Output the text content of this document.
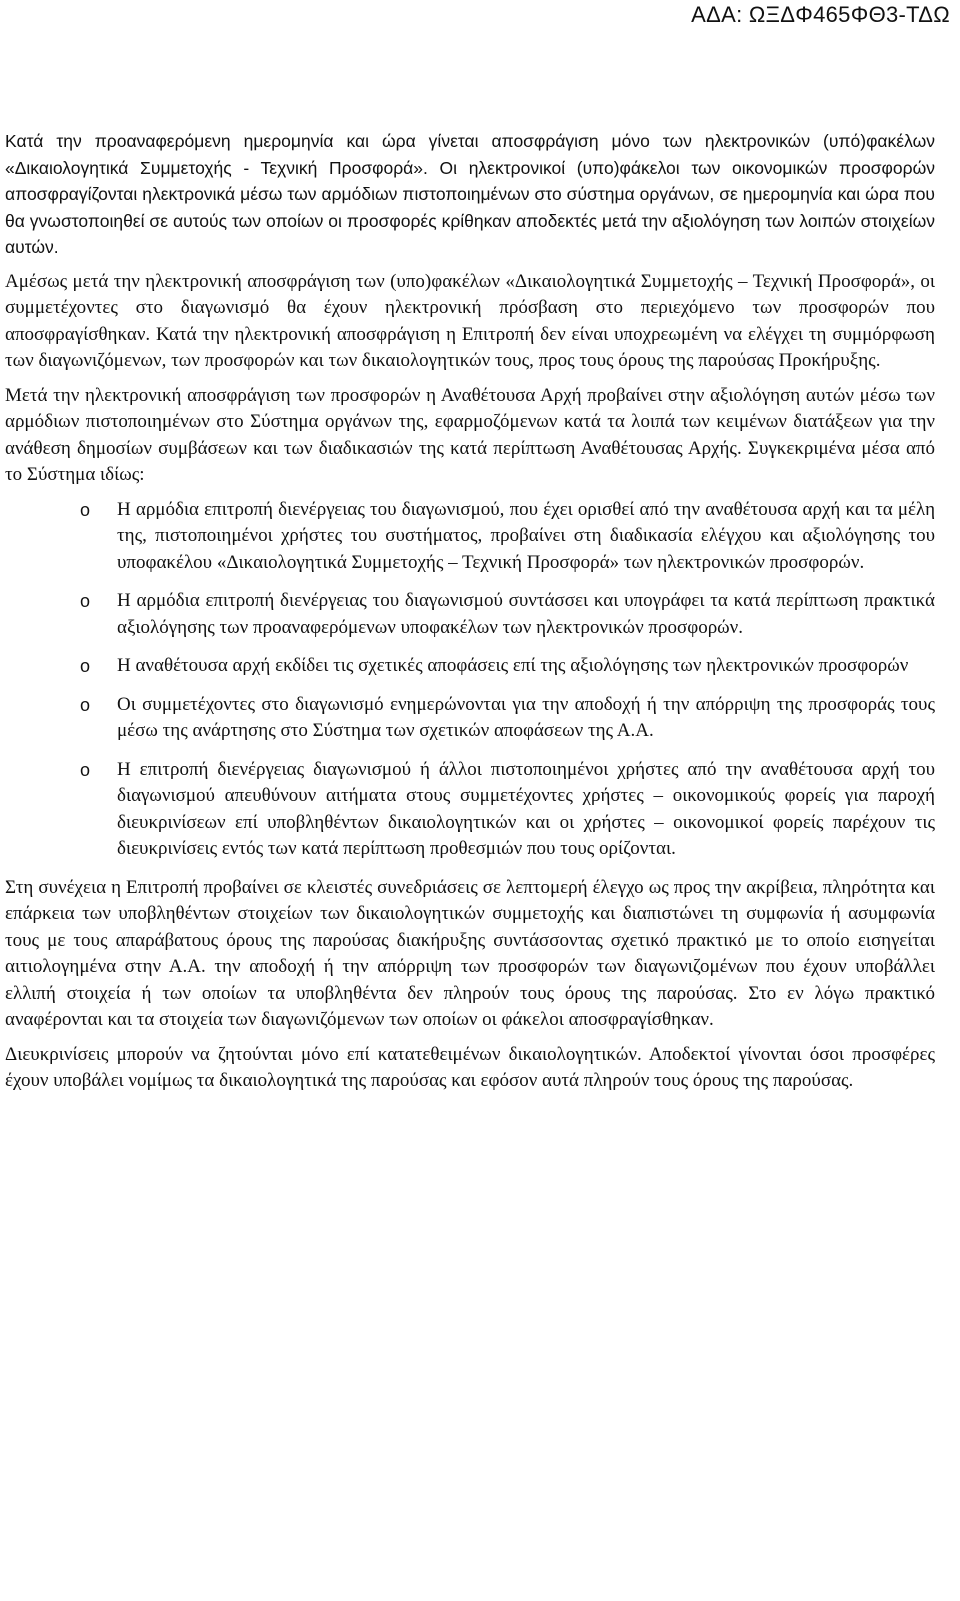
ΑΔΑ: ΩΞΔΦ465ΦΘ3-ΤΔΩ

Κατά την προαναφερόμενη ημερομηνία και ώρα γίνεται αποσφράγιση μόνο των ηλεκτρονικών (υπό)φακέλων «Δικαιολογητικά Συμμετοχής - Τεχνική Προσφορά». Οι ηλεκτρονικοί (υπο)φάκελοι των οικονομικών προσφορών αποσφραγίζονται ηλεκτρονικά μέσω των αρμόδιων πιστοποιημένων στο σύστημα οργάνων, σε ημερομηνία και ώρα που θα γνωστοποιηθεί σε αυτούς των οποίων οι προσφορές κρίθηκαν αποδεκτές μετά την αξιολόγηση των λοιπών στοιχείων αυτών.

Αμέσως μετά την ηλεκτρονική αποσφράγιση των (υπο)φακέλων «Δικαιολογητικά Συμμετοχής – Τεχνική Προσφορά», οι συμμετέχοντες στο διαγωνισμό θα έχουν ηλεκτρονική πρόσβαση στο περιεχόμενο των προσφορών που αποσφραγίσθηκαν. Κατά την ηλεκτρονική αποσφράγιση η Επιτροπή δεν είναι υποχρεωμένη να ελέγχει τη συμμόρφωση των διαγωνιζόμενων, των προσφορών και των δικαιολογητικών τους, προς τους όρους της παρούσας Προκήρυξης.

Μετά την ηλεκτρονική αποσφράγιση των προσφορών η Αναθέτουσα Αρχή προβαίνει στην αξιολόγηση αυτών μέσω των αρμόδιων πιστοποιημένων στο Σύστημα οργάνων της, εφαρμοζόμενων κατά τα λοιπά των κειμένων διατάξεων για την ανάθεση δημοσίων συμβάσεων και των διαδικασιών της κατά περίπτωση Αναθέτουσας Αρχής. Συγκεκριμένα μέσα από το Σύστημα ιδίως:

o Η αρμόδια επιτροπή διενέργειας του διαγωνισμού, που έχει ορισθεί από την αναθέτουσα αρχή και τα μέλη της, πιστοποιημένοι χρήστες του συστήματος, προβαίνει στη διαδικασία ελέγχου και αξιολόγησης του υποφακέλου «Δικαιολογητικά Συμμετοχής – Τεχνική Προσφορά» των ηλεκτρονικών προσφορών.
o Η αρμόδια επιτροπή διενέργειας του διαγωνισμού συντάσσει και υπογράφει τα κατά περίπτωση πρακτικά αξιολόγησης των προαναφερόμενων υποφακέλων των ηλεκτρονικών προσφορών.
o Η αναθέτουσα αρχή εκδίδει τις σχετικές αποφάσεις επί της αξιολόγησης των ηλεκτρονικών προσφορών
o Οι συμμετέχοντες στο διαγωνισμό ενημερώνονται για την αποδοχή ή την απόρριψη της προσφοράς τους μέσω της ανάρτησης στο Σύστημα των σχετικών αποφάσεων της Α.Α.
o Η επιτροπή διενέργειας διαγωνισμού ή άλλοι πιστοποιημένοι χρήστες από την αναθέτουσα αρχή του διαγωνισμού απευθύνουν αιτήματα στους συμμετέχοντες χρήστες – οικονομικούς φορείς για παροχή διευκρινίσεων επί υποβληθέντων δικαιολογητικών και οι χρήστες – οικονομικοί φορείς παρέχουν τις διευκρινίσεις εντός των κατά περίπτωση προθεσμιών που τους ορίζονται.

Στη συνέχεια η Επιτροπή προβαίνει σε κλειστές συνεδριάσεις σε λεπτομερή έλεγχο ως προς την ακρίβεια, πληρότητα και επάρκεια των υποβληθέντων στοιχείων των δικαιολογητικών συμμετοχής και διαπιστώνει τη συμφωνία ή ασυμφωνία τους με τους απαράβατους όρους της παρούσας διακήρυξης συντάσσοντας σχετικό πρακτικό με το οποίο εισηγείται αιτιολογημένα στην Α.Α. την αποδοχή ή την απόρριψη των προσφορών των διαγωνιζομένων που έχουν υποβάλλει ελλιπή στοιχεία ή των οποίων τα υποβληθέντα δεν πληρούν τους όρους της παρούσας. Στο εν λόγω πρακτικό αναφέρονται και τα στοιχεία των διαγωνιζόμενων των οποίων οι φάκελοι αποσφραγίσθηκαν.

Διευκρινίσεις μπορούν να ζητούνται μόνο επί κατατεθειμένων δικαιολογητικών. Αποδεκτοί γίνονται όσοι προσφέρες έχουν υποβάλει νομίμως τα δικαιολογητικά της παρούσας και εφόσον αυτά πληρούν τους όρους της παρούσας.
